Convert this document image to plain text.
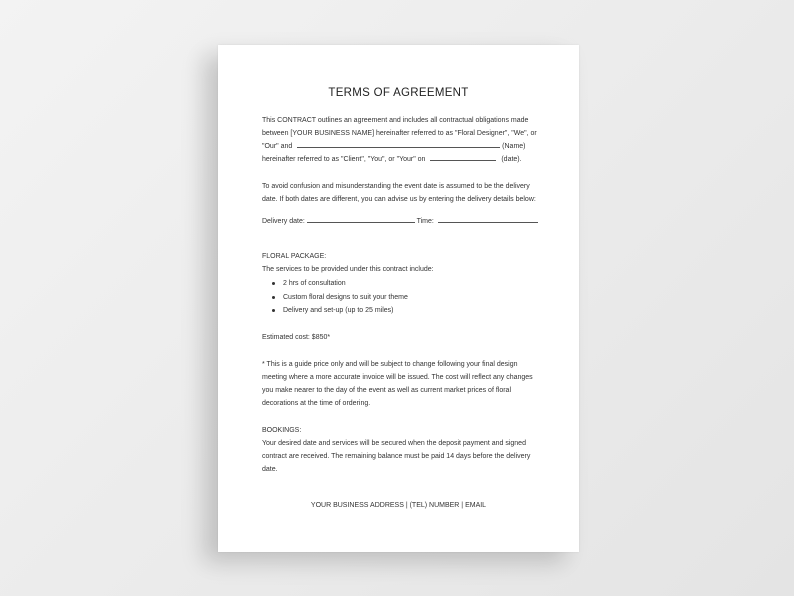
TERMS OF AGREEMENT
This CONTRACT outlines an agreement and includes all contractual obligations made
between [YOUR BUSINESS NAME] hereinafter referred to as "Floral Designer", "We", or
"Our" and	(Name)
hereinafter referred to as "Client", "You", or "Your" on	(date).
To avoid confusion and misunderstanding the event date is assumed to be the delivery
date. If both dates are different, you can advise us by entering the delivery details below:
Delivery date:	Time:
FLORAL PACKAGE:
The services to be provided under this contract include:
2 hrs of consultation
Custom floral designs to suit your theme
Delivery and set-up (up to 25 miles)
Estimated cost: $850*
* This is a guide price only and will be subject to change following your final design
meeting where a more accurate invoice will be issued. The cost will reflect any changes
you make nearer to the day of the event as well as current market prices of floral
decorations at the time of ordering.
BOOKINGS:
Your desired date and services will be secured when the deposit payment and signed
contract are received. The remaining balance must be paid 14 days before the delivery
date.
YOUR BUSINESS ADDRESS | (TEL) NUMBER | EMAIL
